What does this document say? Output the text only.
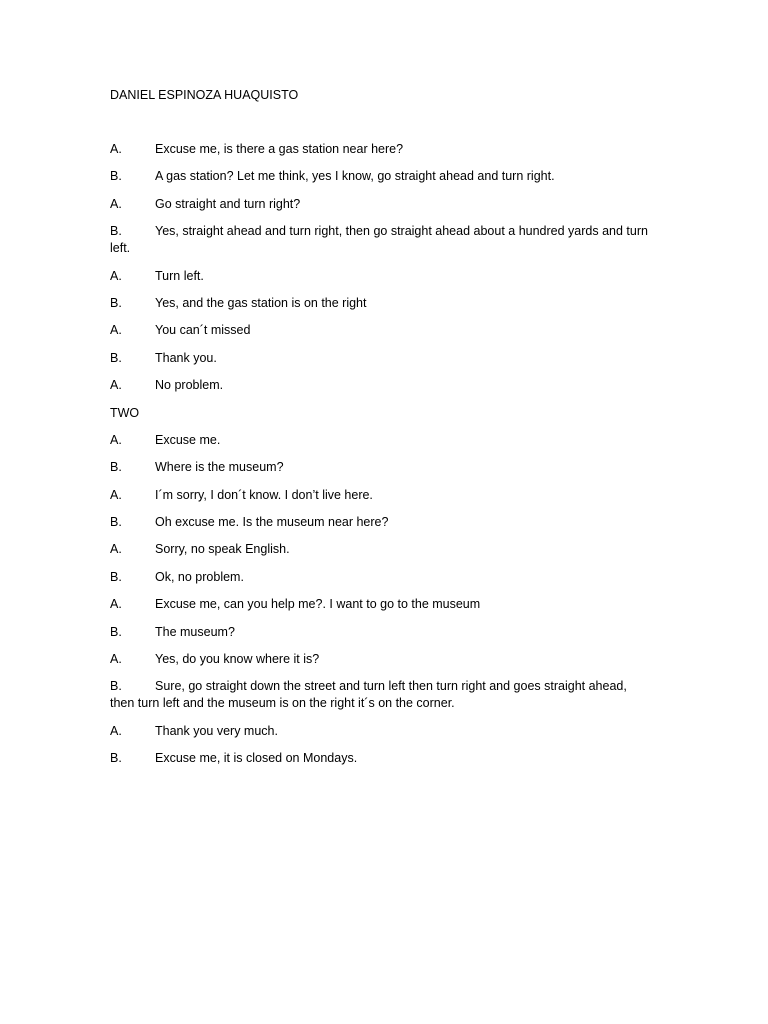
DANIEL ESPINOZA HUAQUISTO
A.	Excuse me, is there a gas station near here?
B.	A gas station? Let me think, yes I know, go straight ahead and turn right.
A.	Go straight and turn right?
B.	Yes, straight ahead and turn right, then go straight ahead about a hundred yards and turn left.
A.	Turn left.
B.	Yes, and the gas station is on the right
A.	You can´t missed
B.	Thank you.
A.	No problem.
TWO
A.	Excuse me.
B.	Where is the museum?
A.	I´m sorry, I don´t know. I don’t live here.
B.	Oh excuse me. Is the museum near here?
A.	Sorry, no speak English.
B.	Ok, no problem.
A.	Excuse me, can you help me?. I want to go to the museum
B.	The museum?
A.	Yes, do you know where it is?
B.	Sure, go straight down the street and turn left then turn right and goes straight ahead, then turn left and the museum is on the right it´s on the corner.
A.	Thank you very much.
B.	Excuse me, it is closed on Mondays.
